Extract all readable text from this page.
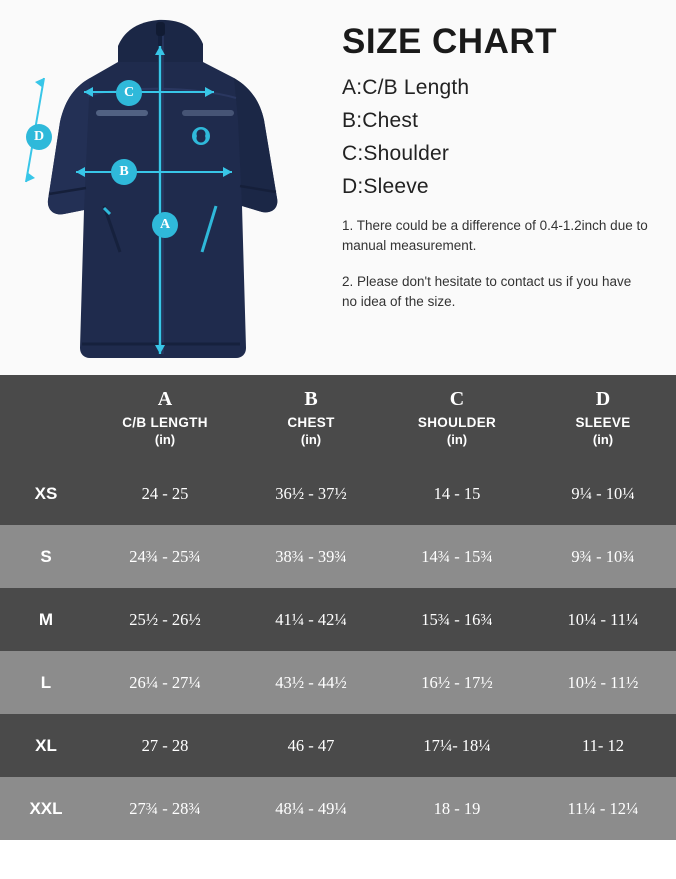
A
B
C
D
SIZE CHART
A:C/B Length
B:Chest
C:Shoulder
D:Sleeve
1. There could be a difference of 0.4-1.2inch due to manual measurement.
2. Please don't hesitate to contact us if you have no idea of the size.

	A
C/B LENGTH
(in)	B
CHEST
(in)	C
SHOULDER
(in)	D
SLEEVE
(in)

XS	24 - 25	36½ - 37½	14 - 15	9¼ - 10¼
S	24¾ - 25¾	38¾ - 39¾	14¾ - 15¾	9¾ - 10¾
M	25½ - 26½	41¼ - 42¼	15¾ - 16¾	10¼ - 11¼
L	26¼ - 27¼	43½ - 44½	16½ - 17½	10½ - 11½
XL	27 - 28	46 - 47	17¼- 18¼	11- 12
XXL	27¾ - 28¾	48¼ - 49¼	18 - 19	11¼ - 12¼
